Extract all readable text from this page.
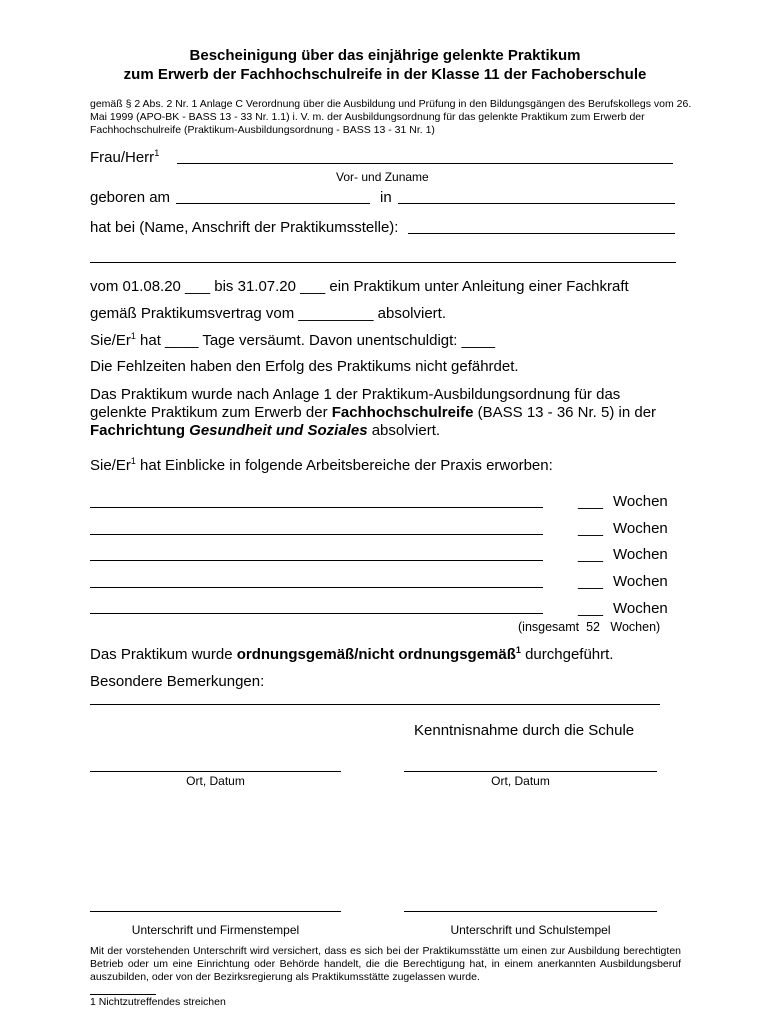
Bescheinigung über das einjährige gelenkte Praktikum
zum Erwerb der Fachhochschulreife in der Klasse 11 der Fachoberschule
gemäß § 2 Abs. 2 Nr. 1 Anlage C Verordnung über die Ausbildung und Prüfung in den Bildungsgängen des Berufskollegs vom 26.
Mai 1999 (APO-BK - BASS 13 - 33 Nr. 1.1) i. V. m. der Ausbildungsordnung für das gelenkte Praktikum zum Erwerb der
Fachhochschulreife (Praktikum-Ausbildungsordnung - BASS 13 - 31 Nr. 1)
Frau/Herr$^1$
Vor- und Zuname
geboren am	in
hat bei (Name, Anschrift der Praktikumsstelle):
vom 01.08.20 ___ bis 31.07.20 ___ ein Praktikum unter Anleitung einer Fachkraft
gemäß Praktikumsvertrag vom _________ absolviert.
Sie/Er$^1$ hat ____ Tage versäumt. Davon unentschuldigt: ____
Die Fehlzeiten haben den Erfolg des Praktikums nicht gefährdet.
Das Praktikum wurde nach Anlage 1 der Praktikum-Ausbildungsordnung für das
gelenkte Praktikum zum Erwerb der Fachhochschulreife (BASS 13 - 36 Nr. 5) in der
Fachrichtung Gesundheit und Soziales absolviert.
Sie/Er$^1$ hat Einblicke in folgende Arbeitsbereiche der Praxis erworben:
___ Wochen
___ Wochen
___ Wochen
___ Wochen
___ Wochen
(insgesamt  52   Wochen)
Das Praktikum wurde ordnungsgemäß/nicht ordnungsgemäß$^1$ durchgeführt.
Besondere Bemerkungen:
Kenntnisnahme durch die Schule
Ort, Datum	Ort, Datum
Unterschrift und Firmenstempel	Unterschrift und Schulstempel
Mit der vorstehenden Unterschrift wird versichert, dass es sich bei der Praktikumsstätte um einen zur Ausbildung berechtigten Betrieb oder um eine Einrichtung oder Behörde handelt, die die Berechtigung hat, in einem anerkannten Ausbildungsberuf auszubilden, oder von der Bezirksregierung als Praktikumsstätte zugelassen wurde.
1 Nichtzutreffendes streichen
